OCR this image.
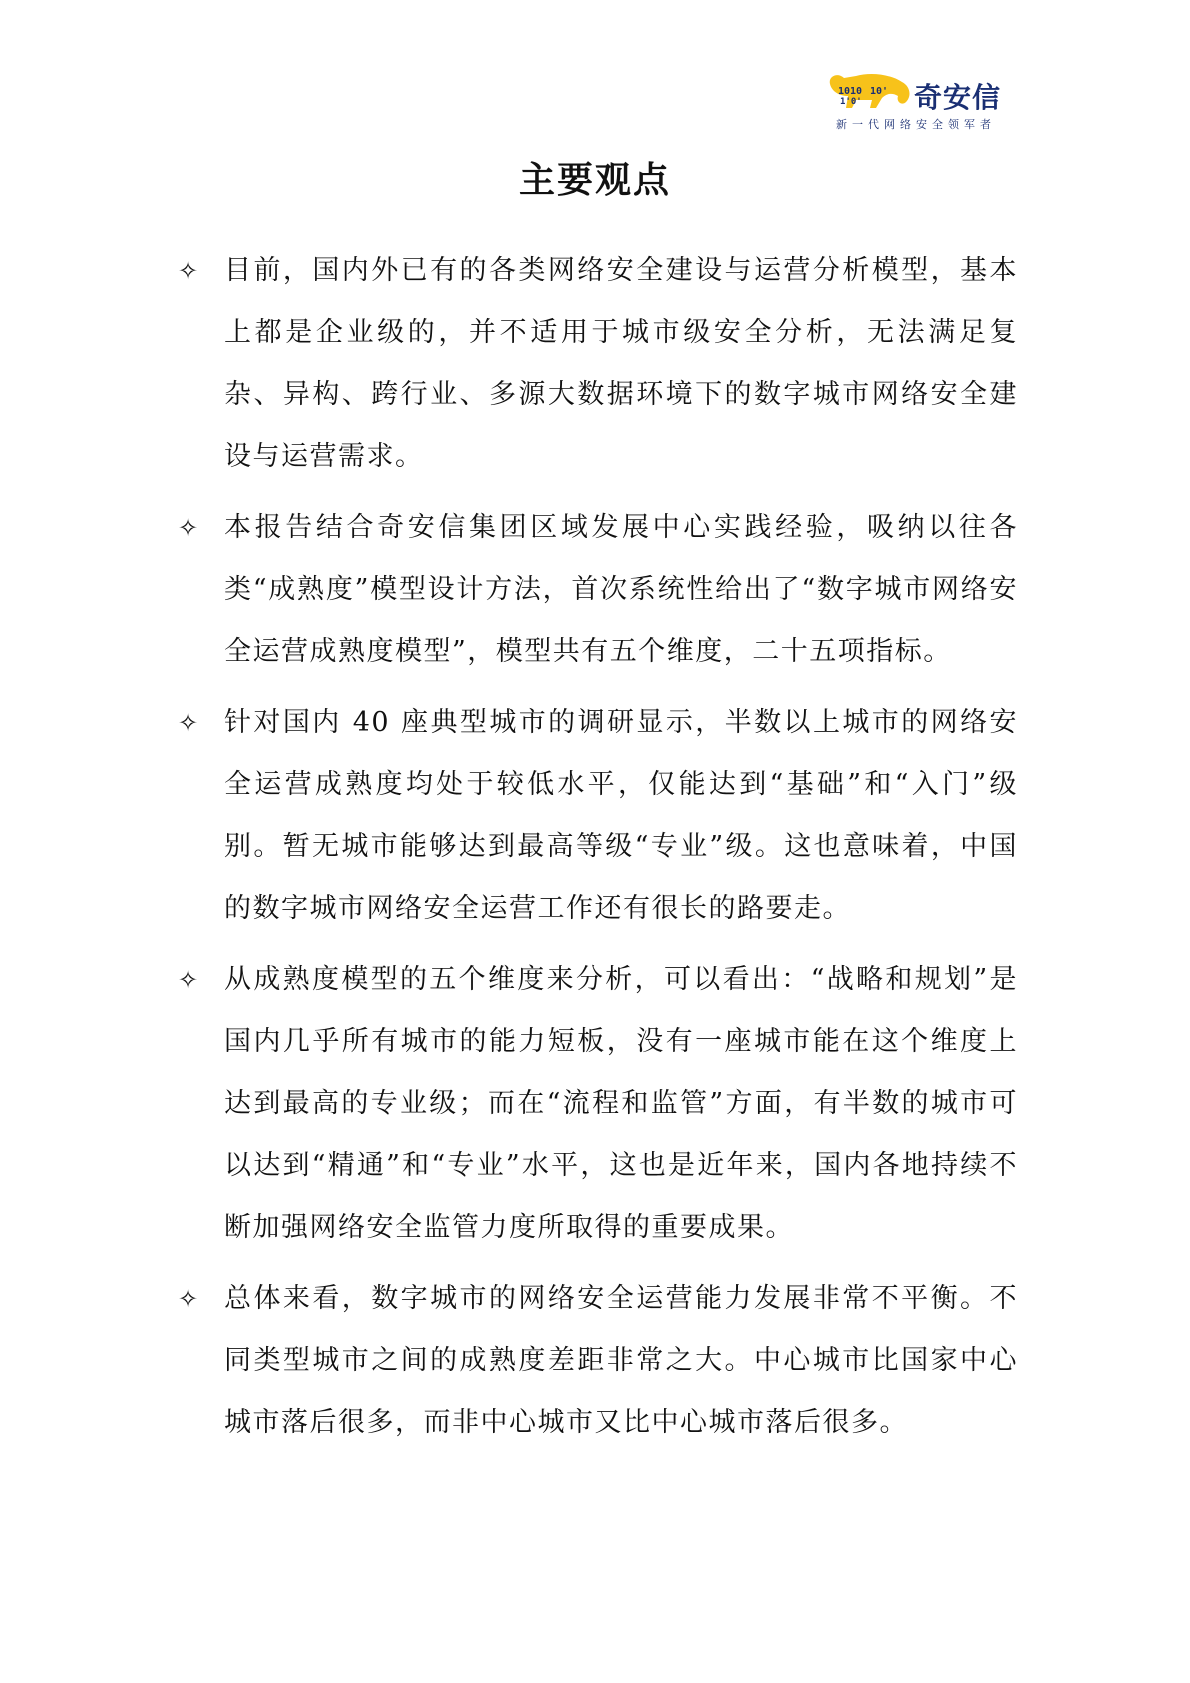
1010
1'0'
10' 奇安信
新一代网络安全领军者
主要观点
✧ 目前，国内外已有的各类网络安全建设与运营分析模型，基本上都是企业级的，并不适用于城市级安全分析，无法满足复杂、异构、跨行业、多源大数据环境下的数字城市网络安全建设与运营需求。
✧ 本报告结合奇安信集团区域发展中心实践经验，吸纳以往各类“成熟度”模型设计方法，首次系统性给出了“数字城市网络安全运营成熟度模型”，模型共有五个维度，二十五项指标。
✧ 针对国内 40 座典型城市的调研显示，半数以上城市的网络安全运营成熟度均处于较低水平，仅能达到“基础”和“入门”级别。暂无城市能够达到最高等级“专业”级。这也意味着，中国的数字城市网络安全运营工作还有很长的路要走。
✧ 从成熟度模型的五个维度来分析，可以看出：“战略和规划”是国内几乎所有城市的能力短板，没有一座城市能在这个维度上达到最高的专业级；而在“流程和监管”方面，有半数的城市可以达到“精通”和“专业”水平，这也是近年来，国内各地持续不断加强网络安全监管力度所取得的重要成果。
✧ 总体来看，数字城市的网络安全运营能力发展非常不平衡。不同类型城市之间的成熟度差距非常之大。中心城市比国家中心城市落后很多，而非中心城市又比中心城市落后很多。
